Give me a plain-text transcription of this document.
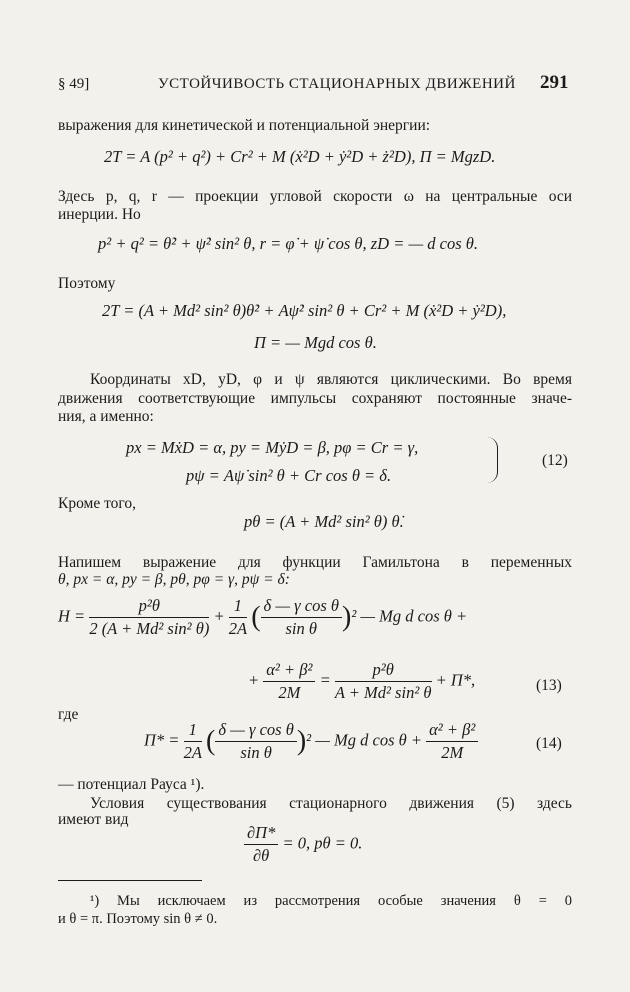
§ 49]	УСТОЙЧИВОСТЬ СТАЦИОНАРНЫХ ДВИЖЕНИЙ 291
выражения для кинетической и потенциальной энергии:
2T = A (p² + q²) + Cr² + M (ẋ²D + ẏ²D + ż²D), Π = MgzD.
Здесь p, q, r — проекции угловой скорости ω на центральные оси
инерции. Но
p² + q² = θ̇² + ψ̇² sin² θ, r = φ̇ + ψ̇ cos θ, zD = — d cos θ.
Поэтому
2T = (A + Md² sin² θ)θ̇² + Aψ̇² sin² θ + Cr² + M (ẋ²D + ẏ²D),
Π = — Mgd cos θ.
Координаты xD, yD, φ и ψ являются циклическими. Во время
движения соответствующие импульсы сохраняют постоянные значе-
ния, а именно:
px = MẋD = α, py = MẏD = β, pφ = Cr = γ,
pψ = Aψ̇ sin² θ + Cr cos θ = δ.
(12)
Кроме того,
pθ = (A + Md² sin² θ) θ̇.
Напишем выражение для функции Гамильтона в переменных
θ, px = α, py = β, pθ, pφ = γ, pψ = δ:
$H = \frac{\text{p²θ}}{\text{2 (A + Md² sin² θ)}} + \frac{1}{2A}$ ( $\frac{\text{δ — γ cos θ}}{\text{sin θ}} )^2$ — Mg d cos θ +
+ $\frac{\text{α² + β²}}{2M} = \frac{\text{p²θ}}{\text{A + Md² sin² θ}} + \Pi*$,	(13)
где
$\Pi* = \frac{1}{2A}$ ( $\frac{\text{δ — γ cos θ}}{\text{sin θ}} )^2$ — Mg d $\cos \theta + \frac{\text{α² + β²}}{2M}$	(14)
— потенциал Рауса ¹).
Условия существования стационарного движения (5) здесь
имеют вид
$\frac{\partial\Pi*}{\partial\theta} = 0$, pθ = 0.
¹) Мы исключаем из рассмотрения особые значения θ = 0
и θ = π. Поэтому sin θ ≠ 0.
